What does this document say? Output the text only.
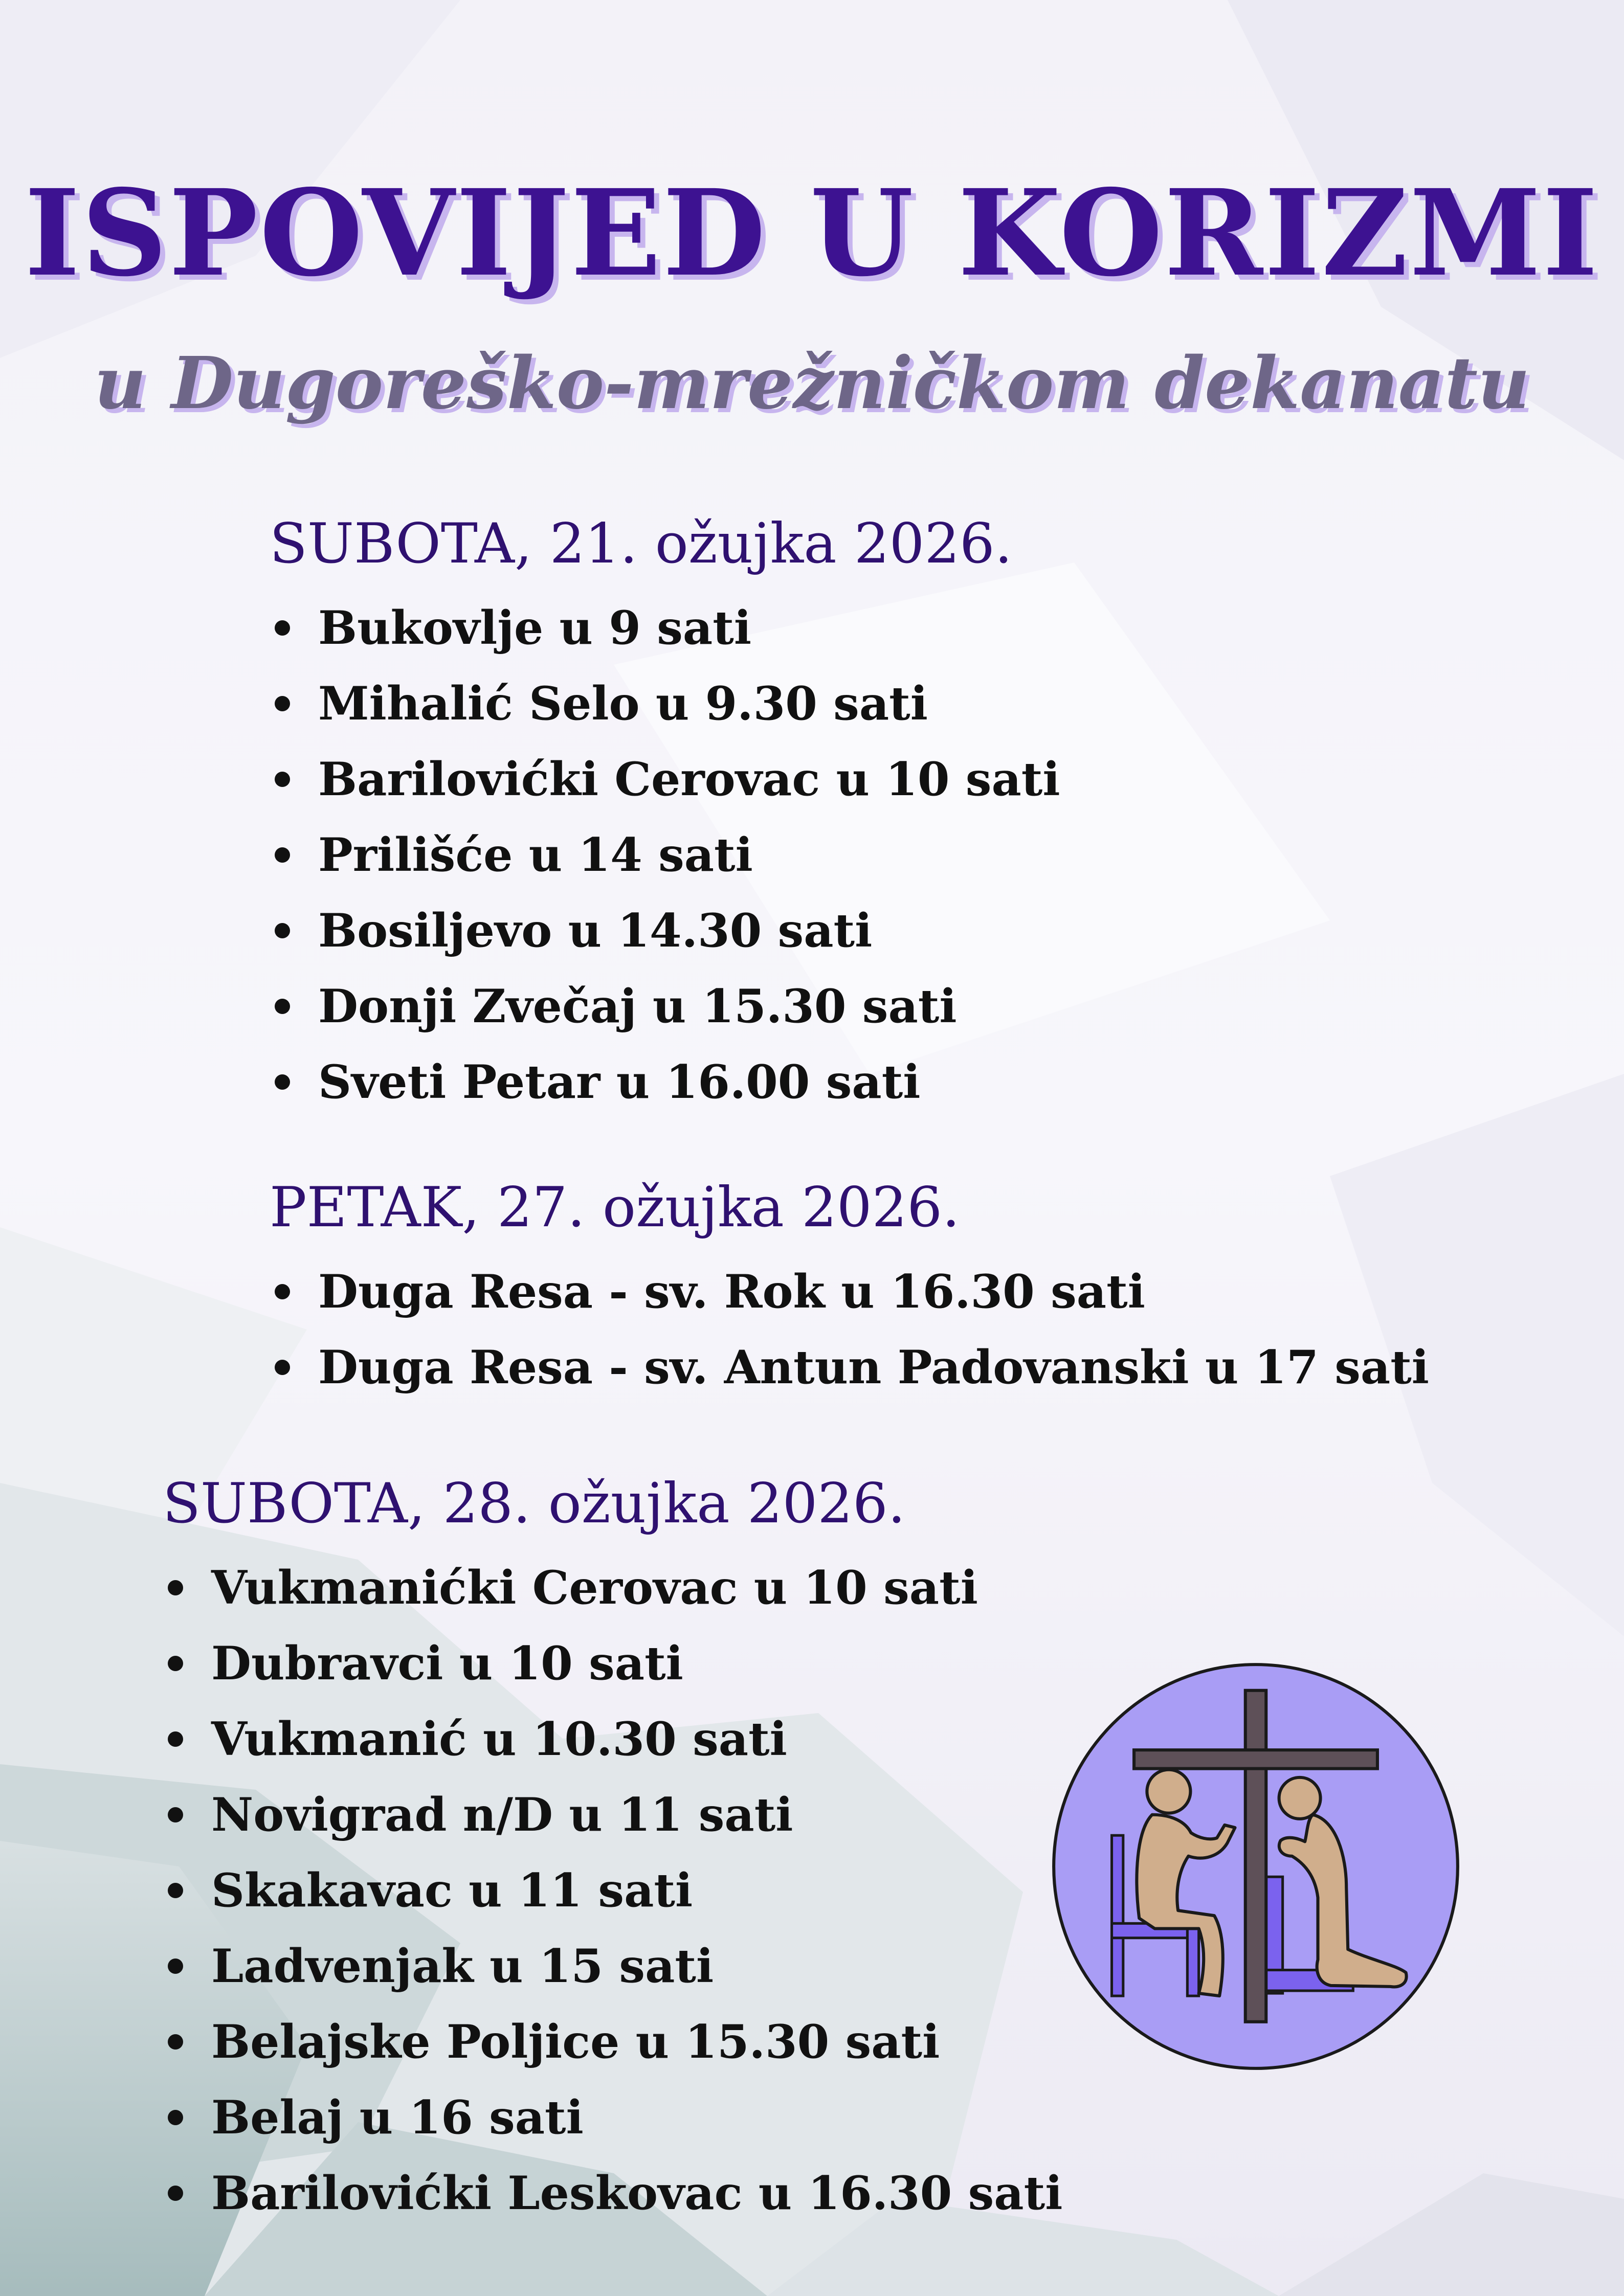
ISPOVIJED U KORIZMI
u Dugoreško-mrežničkom dekanatu
SUBOTA, 21. ožujka 2026.
Bukovlje u 9 sati
Mihalić Selo u 9.30 sati
Barilovićki Cerovac u 10 sati
Prilišće u 14 sati
Bosiljevo u 14.30 sati
Donji Zvečaj u 15.30 sati
Sveti Petar u 16.00 sati
PETAK, 27. ožujka 2026.
Duga Resa - sv. Rok u 16.30 sati
Duga Resa - sv. Antun Padovanski u 17 sati
SUBOTA, 28. ožujka 2026.
Vukmanićki Cerovac u 10 sati
Dubravci u 10 sati
Vukmanić u 10.30 sati
Novigrad n/D u 11 sati
Skakavac u 11 sati
Ladvenjak u 15 sati
Belajske Poljice u 15.30 sati
Belaj u 16 sati
Barilovićki Leskovac u 16.30 sati
